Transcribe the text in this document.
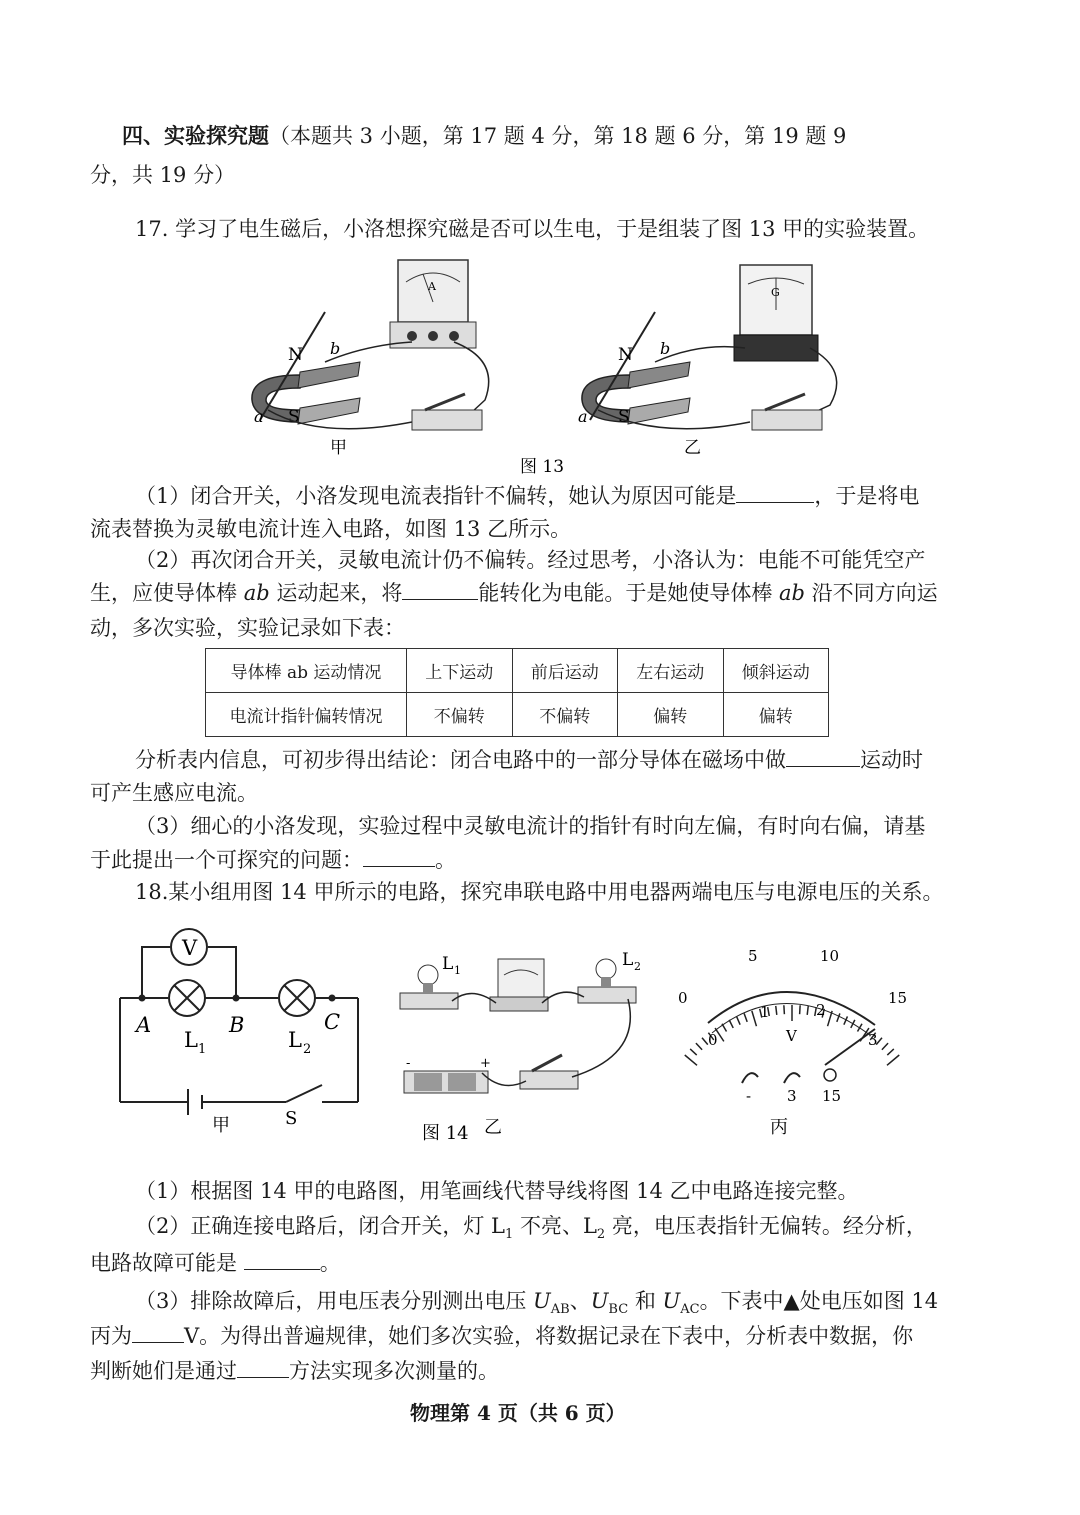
四、实验探究题（本题共 3 小题，第 17 题 4 分，第 18 题 6 分，第 19 题 9
分，共 19 分）
17. 学习了电生磁后，小洛想探究磁是否可以生电，于是组装了图 13 甲的实验装置。
N
S
a
b
A
甲
N
S
a
b
G
乙
图 13
（1）闭合开关，小洛发现电流表指针不偏转，她认为原因可能是	，于是将电
流表替换为灵敏电流计连入电路，如图 13 乙所示。
（2）再次闭合开关，灵敏电流计仍不偏转。经过思考，小洛认为：电能不可能凭空产
生，应使导体棒 ab 运动起来，将	能转化为电能。于是她使导体棒 ab 沿不同方向运
动，多次实验，实验记录如下表：
导体棒 ab 运动情况	上下运动	前后运动	左右运动	倾斜运动
电流计指针偏转情况	不偏转	不偏转	偏转	偏转
分析表内信息，可初步得出结论：闭合电路中的一部分导体在磁场中做	运动时
可产生感应电流。
（3）细心的小洛发现，实验过程中灵敏电流计的指针有时向左偏，有时向右偏，请基
于此提出一个可探究的问题：	。
18.某小组用图 14 甲所示的电路，探究串联电路中用电器两端电压与电源电压的关系。
V
A	B	C
L 1	L 2
S
甲
L 1
L 2
-	+
图 14 乙
0
5	10
15
0
1	2
3
V
- 3 15
丙
（1）根据图 14 甲的电路图，用笔画线代替导线将图 14 乙中电路连接完整。
（2）正确连接电路后，闭合开关，灯 $L_1$ 不亮、$L_2$ 亮，电压表指针无偏转。经分析，
电路故障可能是	。
（3）排除故障后，用电压表分别测出电压 $U_{AB}$、$U_{BC}$ 和 $U_{AC}$。下表中▲处电压如图 14
丙为 V。为得出普遍规律，她们多次实验，将数据记录在下表中，分析表中数据，你
判断她们是通过 方法实现多次测量的。
物理第 4 页（共 6 页）
